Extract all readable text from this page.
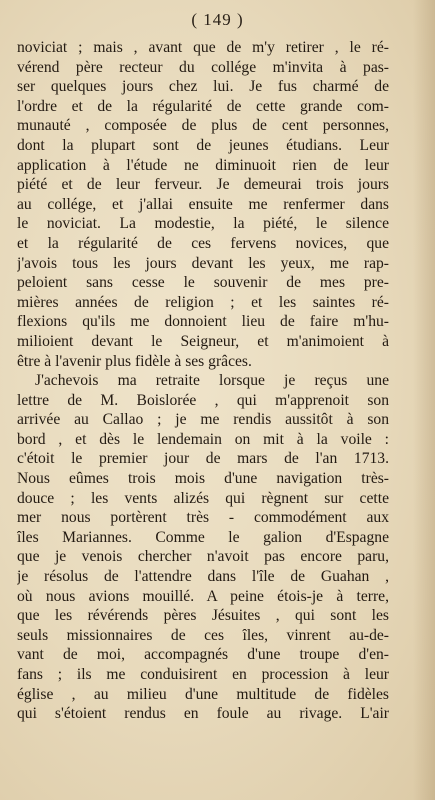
( 149 )
noviciat ; mais , avant que de m'y retirer , le ré-
vérend père recteur du collége m'invita à pas-
ser quelques jours chez lui. Je fus charmé de
l'ordre et de la régularité de cette grande com-
munauté , composée de plus de cent personnes,
dont la plupart sont de jeunes étudians. Leur
application à l'étude ne diminuoit rien de leur
piété et de leur ferveur. Je demeurai trois jours
au collége, et j'allai ensuite me renfermer dans
le noviciat. La modestie, la piété, le silence
et la régularité de ces fervens novices, que
j'avois tous les jours devant les yeux, me rap-
peloient sans cesse le souvenir de mes pre-
mières années de religion ; et les saintes ré-
flexions qu'ils me donnoient lieu de faire m'hu-
milioient devant le Seigneur, et m'animoient à
être à l'avenir plus fidèle à ses grâces.
J'achevois ma retraite lorsque je reçus une
lettre de M. Boislorée , qui m'apprenoit son
arrivée au Callao ; je me rendis aussitôt à son
bord , et dès le lendemain on mit à la voile :
c'étoit le premier jour de mars de l'an 1713.
Nous eûmes trois mois d'une navigation très-
douce ; les vents alizés qui règnent sur cette
mer nous portèrent très - commodément aux
îles Mariannes. Comme le galion d'Espagne
que je venois chercher n'avoit pas encore paru,
je résolus de l'attendre dans l'île de Guahan ,
où nous avions mouillé. A peine étois-je à terre,
que les révérends pères Jésuites , qui sont les
seuls missionnaires de ces îles, vinrent au-de-
vant de moi, accompagnés d'une troupe d'en-
fans ; ils me conduisirent en procession à leur
église , au milieu d'une multitude de fidèles
qui s'étoient rendus en foule au rivage. L'air
